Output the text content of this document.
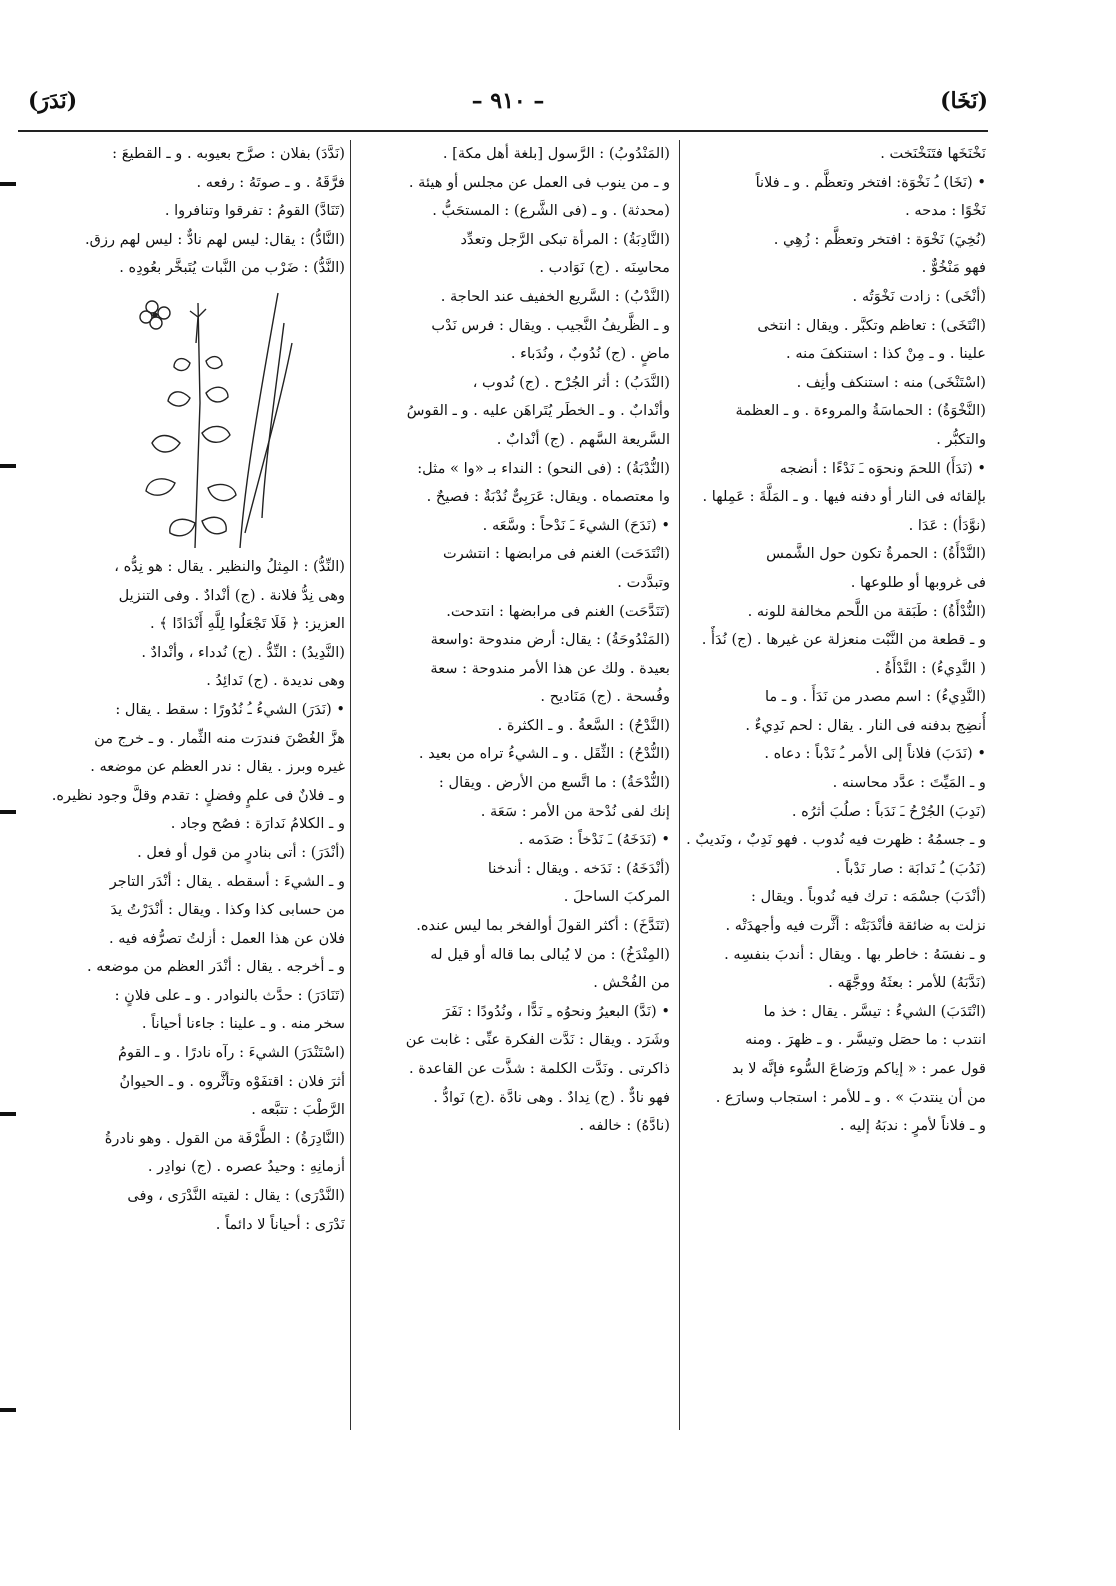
(نَخَا)
– ٩١٠ –
(نَدَرَ)
نَخْنَخَها فتَنَخْنَخت .
• (نَخَا) ـُ نَخْوَة: افتخر وتعظَّم . و ـ فلاناً
نَخْوًا : مدحه .
(نُخِيَ) نَخْوَة : افتخر وتعظَّم : زُهِي .
فهو مَنْخُوٌّ .
(أنْخَى) : زادت نَخْوَتُه .
(انْتَخَى) : تعاظم وتكبَّر . ويقال : انتخى
علينا . و ـ مِنْ كذا : استنكفَ منه .
(اسْتَنْخَى) منه : استنكف وأنِف .
(النَّخْوَةُ) : الحماسَةُ والمروءة . و ـ العظمة
والتكبُّر .
• (نَدَأَ) اللحمَ ونحوَه ـَ نَدْءًا : أنضجه
بإلقائه فى النار أو دفنه فيها . و ـ المَلَّةَ : عَمِلها .
(نوَّدَأ) : عَدَا .
(النَّدْأَةُ) : الحمرةُ تكون حول الشَّمس
فى غروبها أو طلوعها .
(النُّدْأَةُ) : طَبَقة من اللَّحم مخالفة للونه .
و ـ قطعة من النَّبْت منعزلة عن غيرها . (ج) نُدَأٌ .
( النَّدِيءُ) : النَّدْأَةُ .
(النَّدِيءُ) : اسم مصدر من نَدَأَ . و ـ ما
أُنضِج بدفنه فى النار . يقال : لحم نَدِيءٌ .
• (نَدَبَ) فلاناً إلى الأمر ـُ نَدْباً : دعاه .
و ـ المَيِّتَ : عدَّد محاسنه .
(نَدِبَ) الجُرْحُ ـَ نَدَباً : صلُبَ أثرُه .
و ـ جسمُهُ : ظهرت فيه نُدوب . فهو نَدِبٌ ، ونَديبٌ .
(نَدُبَ) ـُ نَدابَة : صار نَدْباً .
(أنْدَبَ) جسْمَه : ترك فيه نُدوباً . ويقال :
نزلت به ضائقة فأنْدَبَتْه : أثَّرت فيه وأجهدَتْه .
و ـ نفسَهُ : خاطر بها . ويقال : أندبَ بنفسِه .
(نَدَّبَهُ) للأمر : بعثَهُ ووجَّهَه .
(انْتَدَبَ) الشيءُ : تيسَّر . يقال : خذ ما
انتدب : ما حصَل وتيسَّر . و ـ ظهرَ . ومنه
قول عمر : « إياكم ورَضاعَ السُّوء فإنَّه لا بد
من أن ينتدبَ » . و ـ للأمر : استجاب وسارَع .
و ـ فلاناً لأمرٍ : ندبَهُ إليه .
(المَنْدُوبُ) : الرَّسول [بلغة أهل مكة] .
و ـ من ينوب فى العمل عن مجلس أو هيئة .
(محدثة) . و ـ (فى الشَّرع) : المستحَبُّ .
(النَّادِبَةُ) : المرأة تبكى الرَّجل وتعدِّد
محاسِنَه . (ج) نَوَادب .
(النَّدْبُ) : السَّريع الخفيف عند الحاجة .
و ـ الظَّريفُ النَّجيب . ويقال : فرس نَدْب
ماضٍ . (ج) نُدُوبٌ ، ونُدَباء .
(النَّدَبُ) : أثر الجُرْح . (ج) نُدوب ،
وأنْدابٌ . و ـ الخطَر يُتَراهَن عليه . و ـ القوسُ
السَّريعة السَّهم . (ج) أنْدابٌ .
(النُّدْبَةُ) : (فى النحو) : النداء بـ «وا » مثل:
وا معتصماه . ويقال: عَرَبِىٌّ نُدْبَةٌ : فصيحٌ .
• (نَدَحَ) الشيءَ ـَ نَدْحاً : وسَّعَه .
(انْتَدَحَت) الغنم فى مرابضها : انتشرت
وتبدَّدت .
(تَنَدَّحَت) الغنم فى مرابضها : انتدحت.
(المَنْدُوحَةُ) : يقال: أرض مندوحة :واسعة
بعيدة . ولك عن هذا الأمر مندوحة : سعة
وفُسحة . (ج) مَنَاديح .
(النَّدْحُ) : السَّعةُ . و ـ الكثرة .
(النُّدْحُ) : الثِّقَل . و ـ الشيءُ تراه من بعيد .
(النُّدْحَةُ) : ما اتَّسع من الأرض . ويقال :
إنك لفى نُدْحة من الأمر : سَعَة .
• (نَدَخَهُ) ـَ نَدْخاً : صَدَمه .
(أنْدَخَهُ) : نَدَخه . ويقال : أندخنا
المركبَ الساحلَ .
(تَنَدَّخَ) : أكثر القولَ أوالفخر بما ليس عنده.
(المِنْدَخُ) : من لا يُبالى بما قاله أو قيل له
من الفُحْش .
• (نَدَّ) البعيرُ ونحوُه ـِ نَدًّا ، ونُدُودًا : نَفَرَ
وشَرَد . ويقال : نَدَّت الفكرة عنِّى : غابت عن
ذاكرتى . ونَدَّت الكلمة : شذَّت عن القاعدة .
فهو نادٌّ . (ج) نِدادٌ . وهى نادَّة .(ج) نَوادُّ .
(نادَّهُ) : خالفه .
(نَدَّدَ) بفلان : صرَّح بعيوبه . و ـ القطيعَ :
فرَّقَهُ . و ـ صوتَهُ : رفعه .
(تَنَادَّ) القومُ : تفرقوا وتنافروا .
(النَّادُّ) : يقال: ليس لهم نادٌّ : ليس لهم رزق.
(النَّدُّ) : ضَرْب من النَّبات يُتَبخَّر بعُودِه .
(النِّدُّ) : المِثلُ والنظير . يقال : هو نِدُّه ،
وهى نِدُّ فلانة . (ج) أنْدادٌ . وفى التنزيل
العزيز: ﴿ فَلَا تَجْعَلُوا لِلَّهِ أَنْدَادًا ﴾ .
(النَّدِيدُ) : النِّدُّ . (ج) نُدداء ، وأنْدادٌ .
وهى نديدة . (ج) نَدائِدُ .
• (نَدَرَ) الشيءُ ـُ نُدُورًا : سقط . يقال :
هزَّ الغُصْنَ فندرَت منه الثِّمار . و ـ خرج من
غيره وبرز . يقال : ندر العظم عن موضعه .
و ـ فلانٌ فى علمٍ وفضلٍ : تقدم وقلَّ وجود نظيره.
و ـ الكلامُ نَدارَة : فصُح وجاد .
(أنْدَرَ) : أتى بنادرٍ من قول أو فعل .
و ـ الشيءَ : أسقطه . يقال : أنْدَر التاجر
من حسابى كذا وكذا . ويقال : أنْدَرْتُ يدَ
فلان عن هذا العمل : أزلتُ تصرُّفه فيه .
و ـ أخرجه . يقال : أنْدَر العظم من موضعه .
(تَنَادَرَ) : حدَّث بالنوادر . و ـ على فلانٍ :
سخر منه . و ـ علينا : جاءنا أحياناً .
(اسْتَنْدَرَ) الشيءَ : رآه نادرًا . و ـ القومُ
أثرَ فلان : اقتفَوْه وتأثَّروه . و ـ الحيوانُ
الرَّطْبَ : تتبَّعه .
(النَّادِرَةُ) : الطُّرْفَة من القول . وهو نادرةُ
أزمانِهِ : وحيدُ عصره . (ج) نوادِر .
(النَّدْرَى) : يقال : لقيته النَّدْرَى ، وفى
نَدْرَى : أحياناً لا دائماً .
